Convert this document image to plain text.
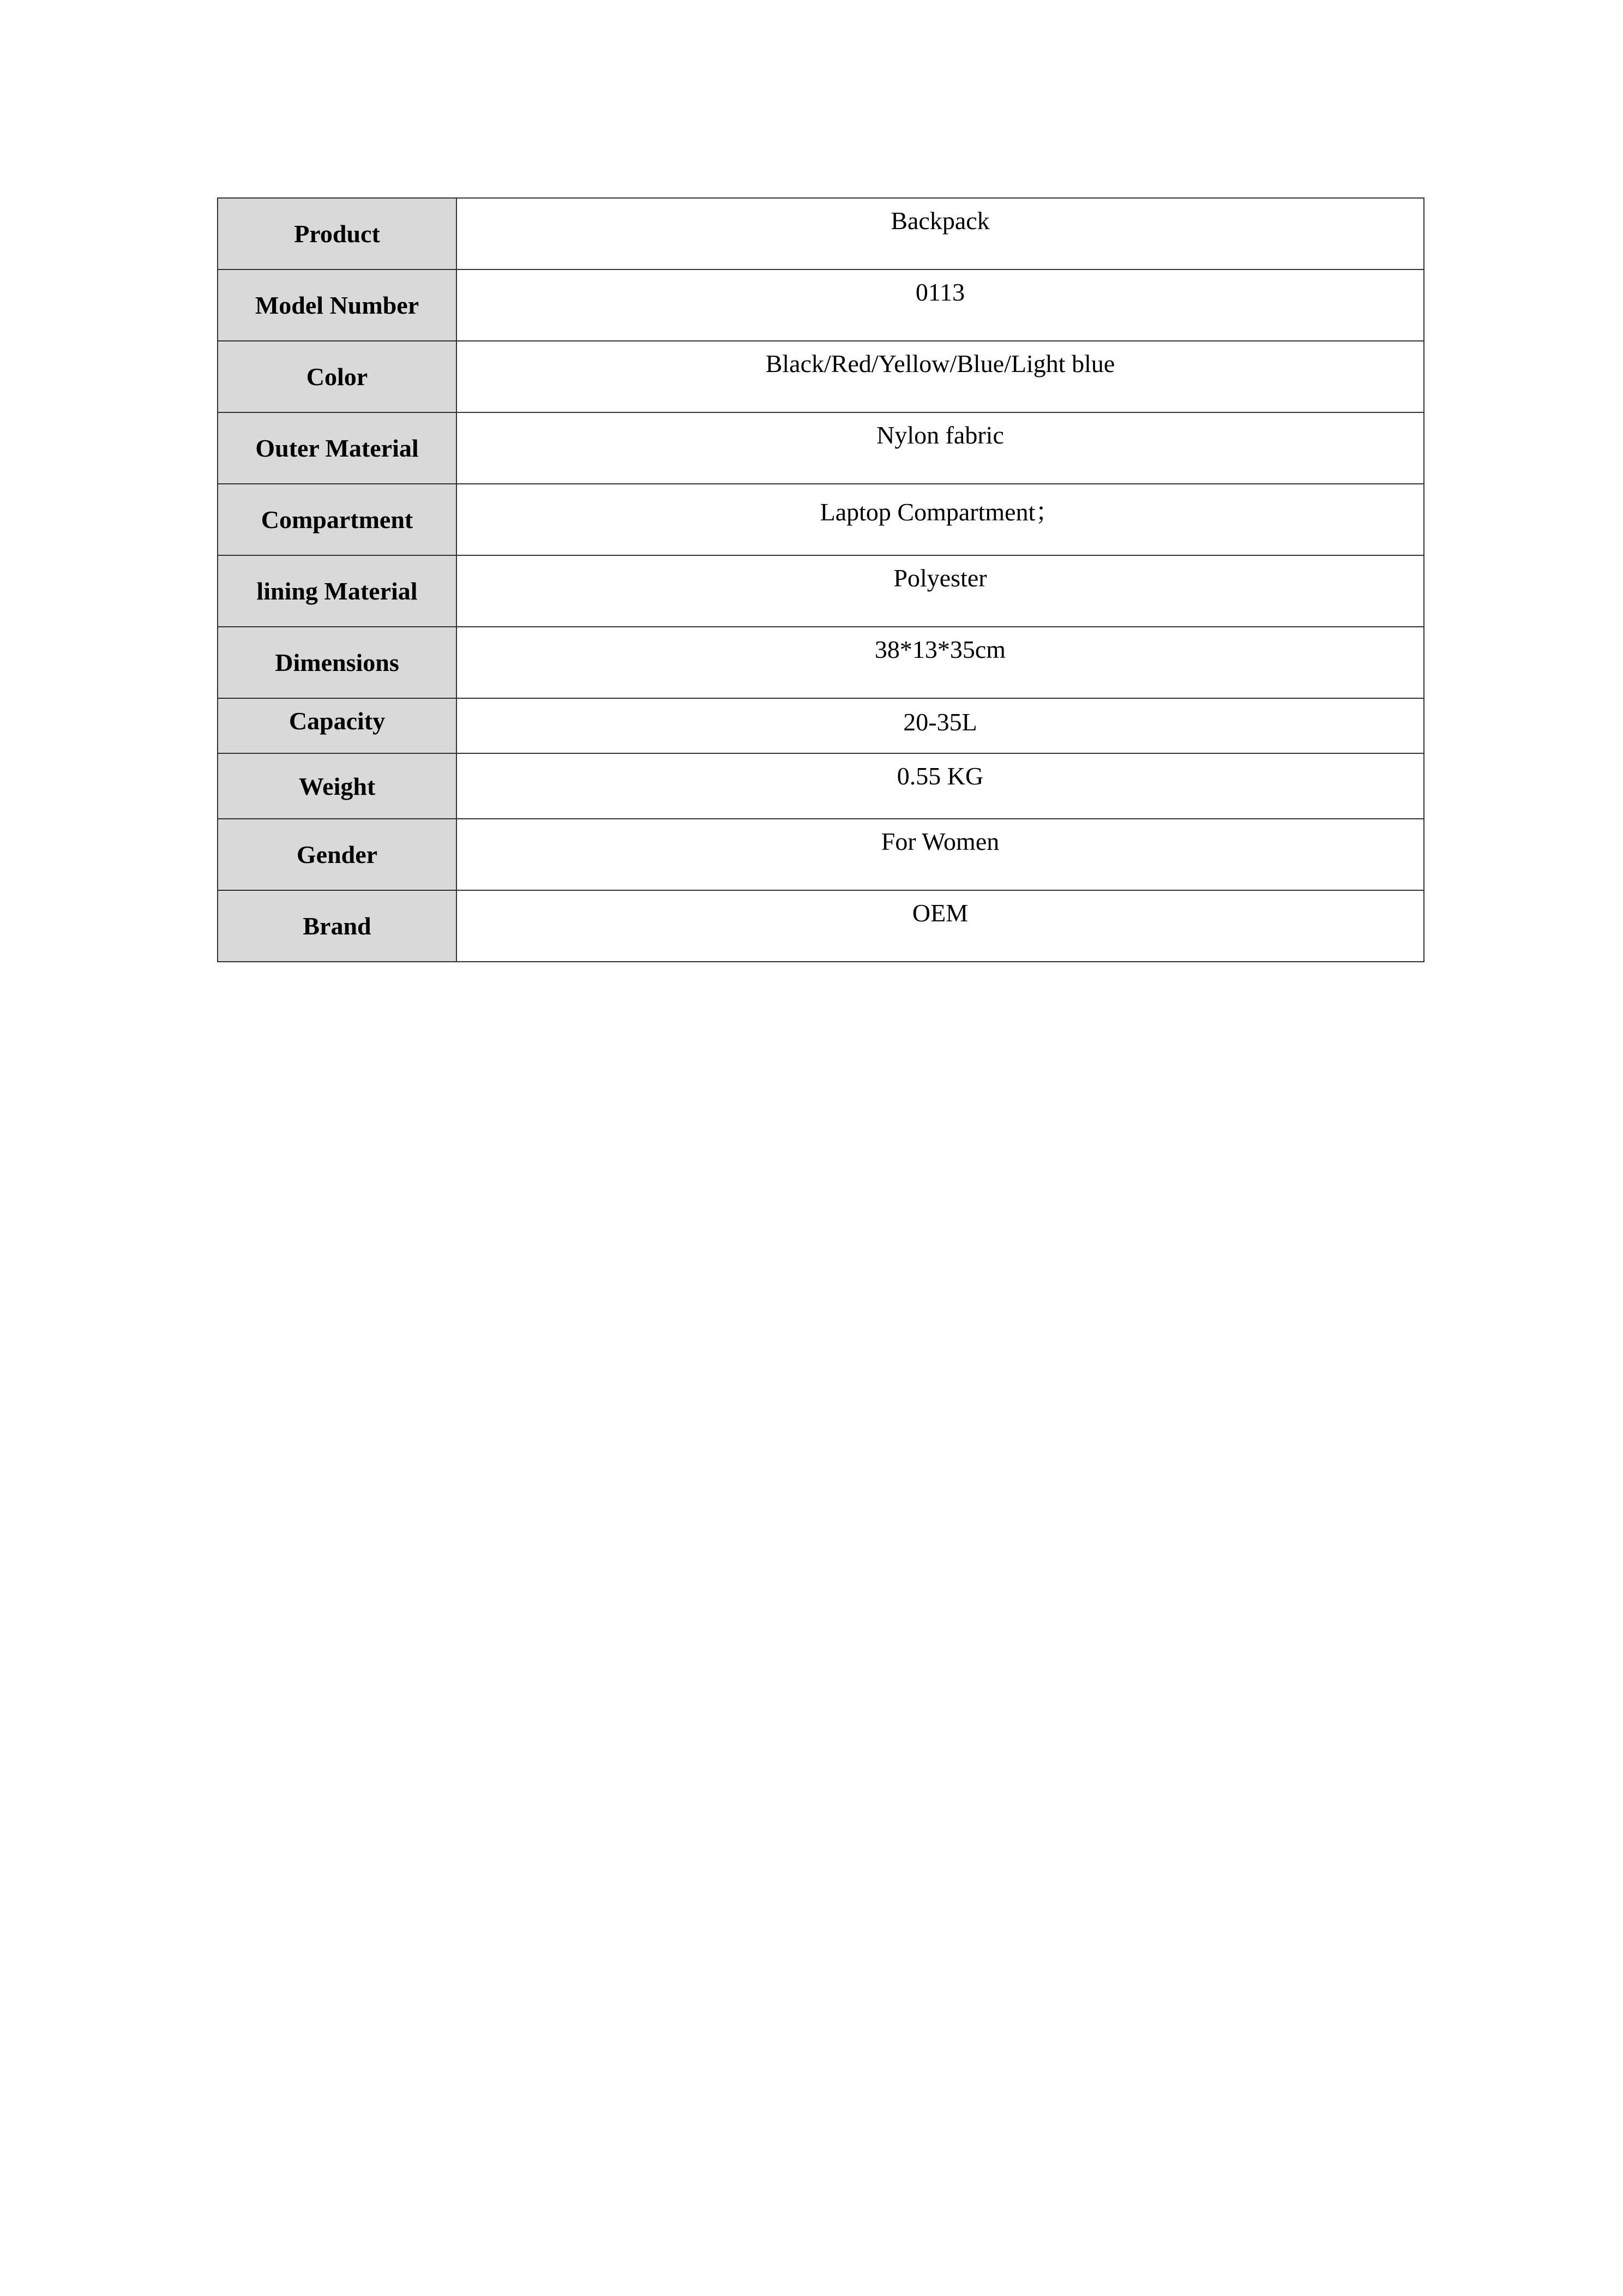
Product	Backpack
Model Number	0113
Color	Black/Red/Yellow/Blue/Light blue
Outer Material	Nylon fabric
Compartment	Laptop Compartment；
lining Material	Polyester
Dimensions	38*13*35cm
Capacity	20-35L
Weight	0.55 KG
Gender	For Women
Brand	OEM
